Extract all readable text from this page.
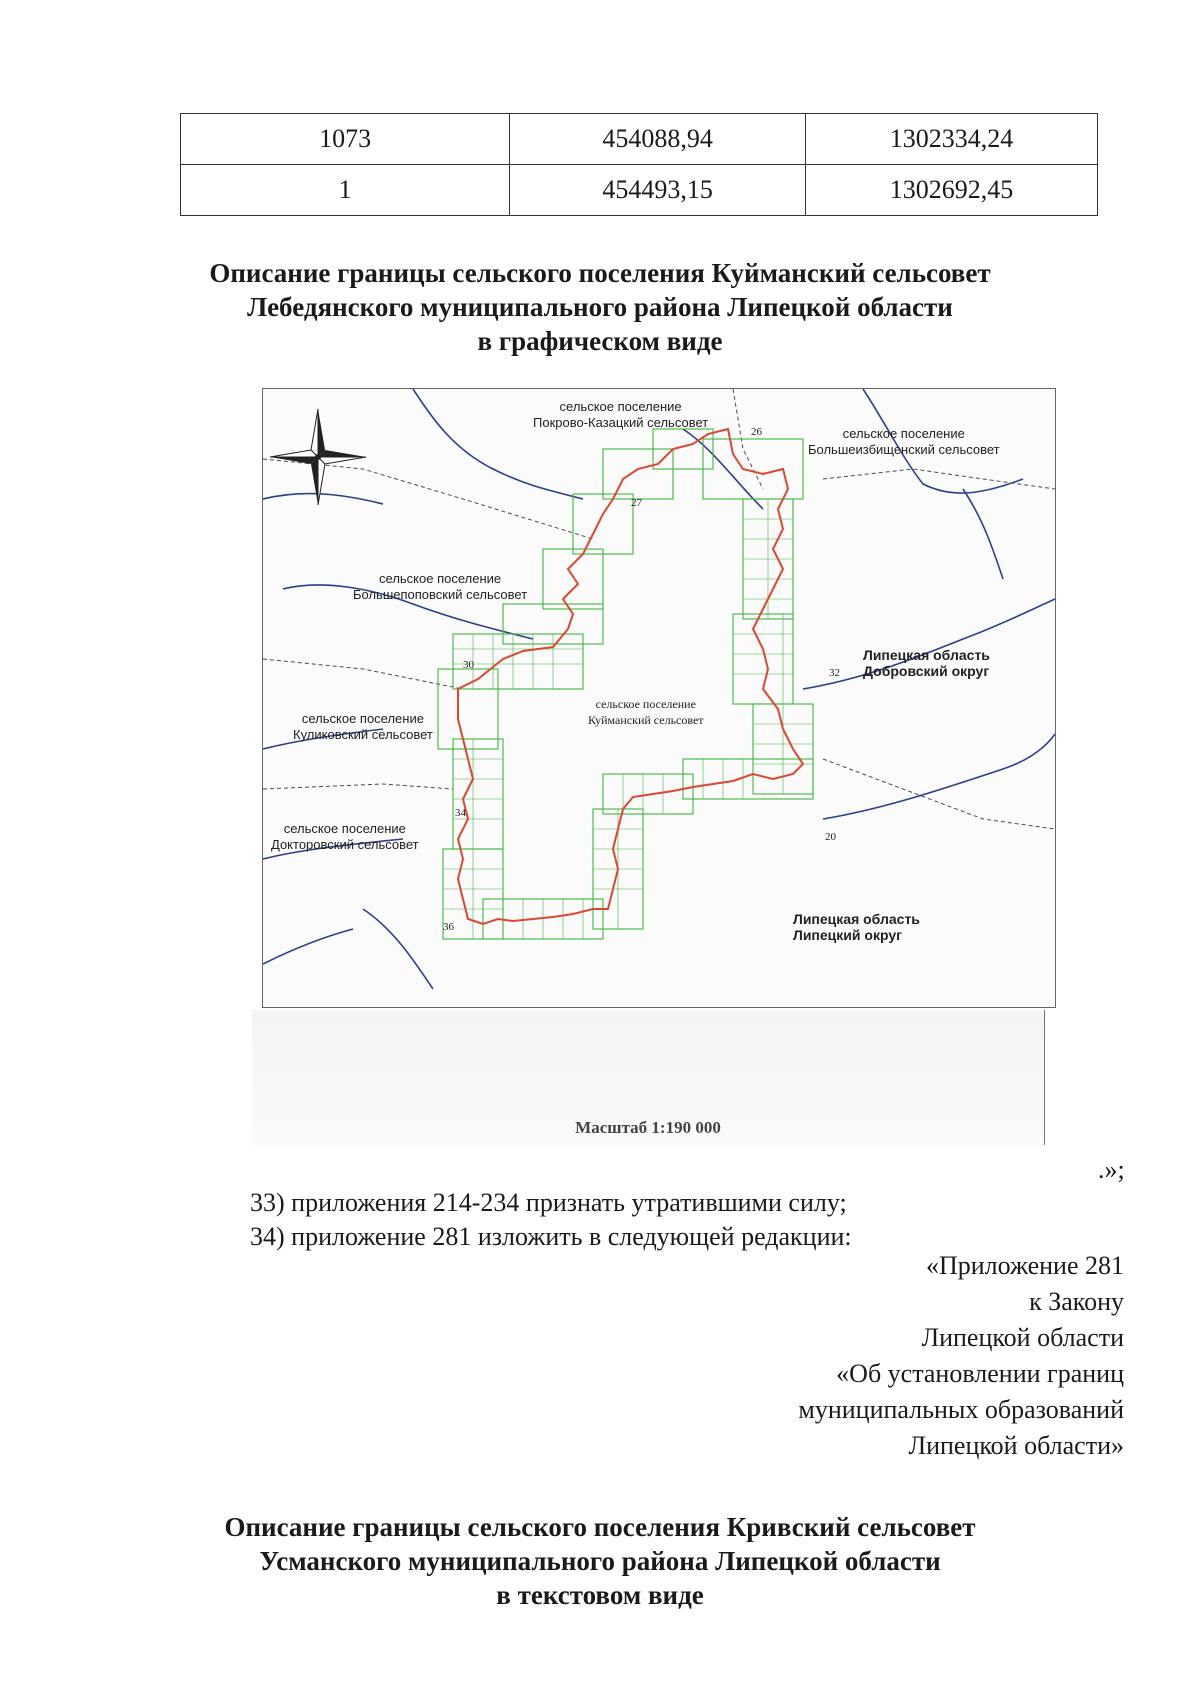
1073	454088,94	1302334,24
1	454493,15	1302692,45
Описание границы сельского поселения Куйманский сельсовет
Лебедянского муниципального района Липецкой области
в графическом виде
сельское поселение
Покрово-Казацкий сельсовет
сельское поселение
Большеизбищенский сельсовет
сельское поселение
Большепоповский сельсовет
сельское поселение
Куйманский сельсовет
сельское поселение
Куликовский сельсовет
сельское поселение
Докторовский сельсовет
Липецкая область
Добровский округ
Липецкая область
Липецкий округ
26
27
30
32
34
20
36
Масштаб 1:190 000
.»;
33) приложения 214-234 признать утратившими силу;
34) приложение 281 изложить в следующей редакции:
«Приложение 281
к Закону
Липецкой области
«Об установлении границ
муниципальных образований
Липецкой области»
Описание границы сельского поселения Кривский сельсовет
Усманского муниципального района Липецкой области
в текстовом виде
